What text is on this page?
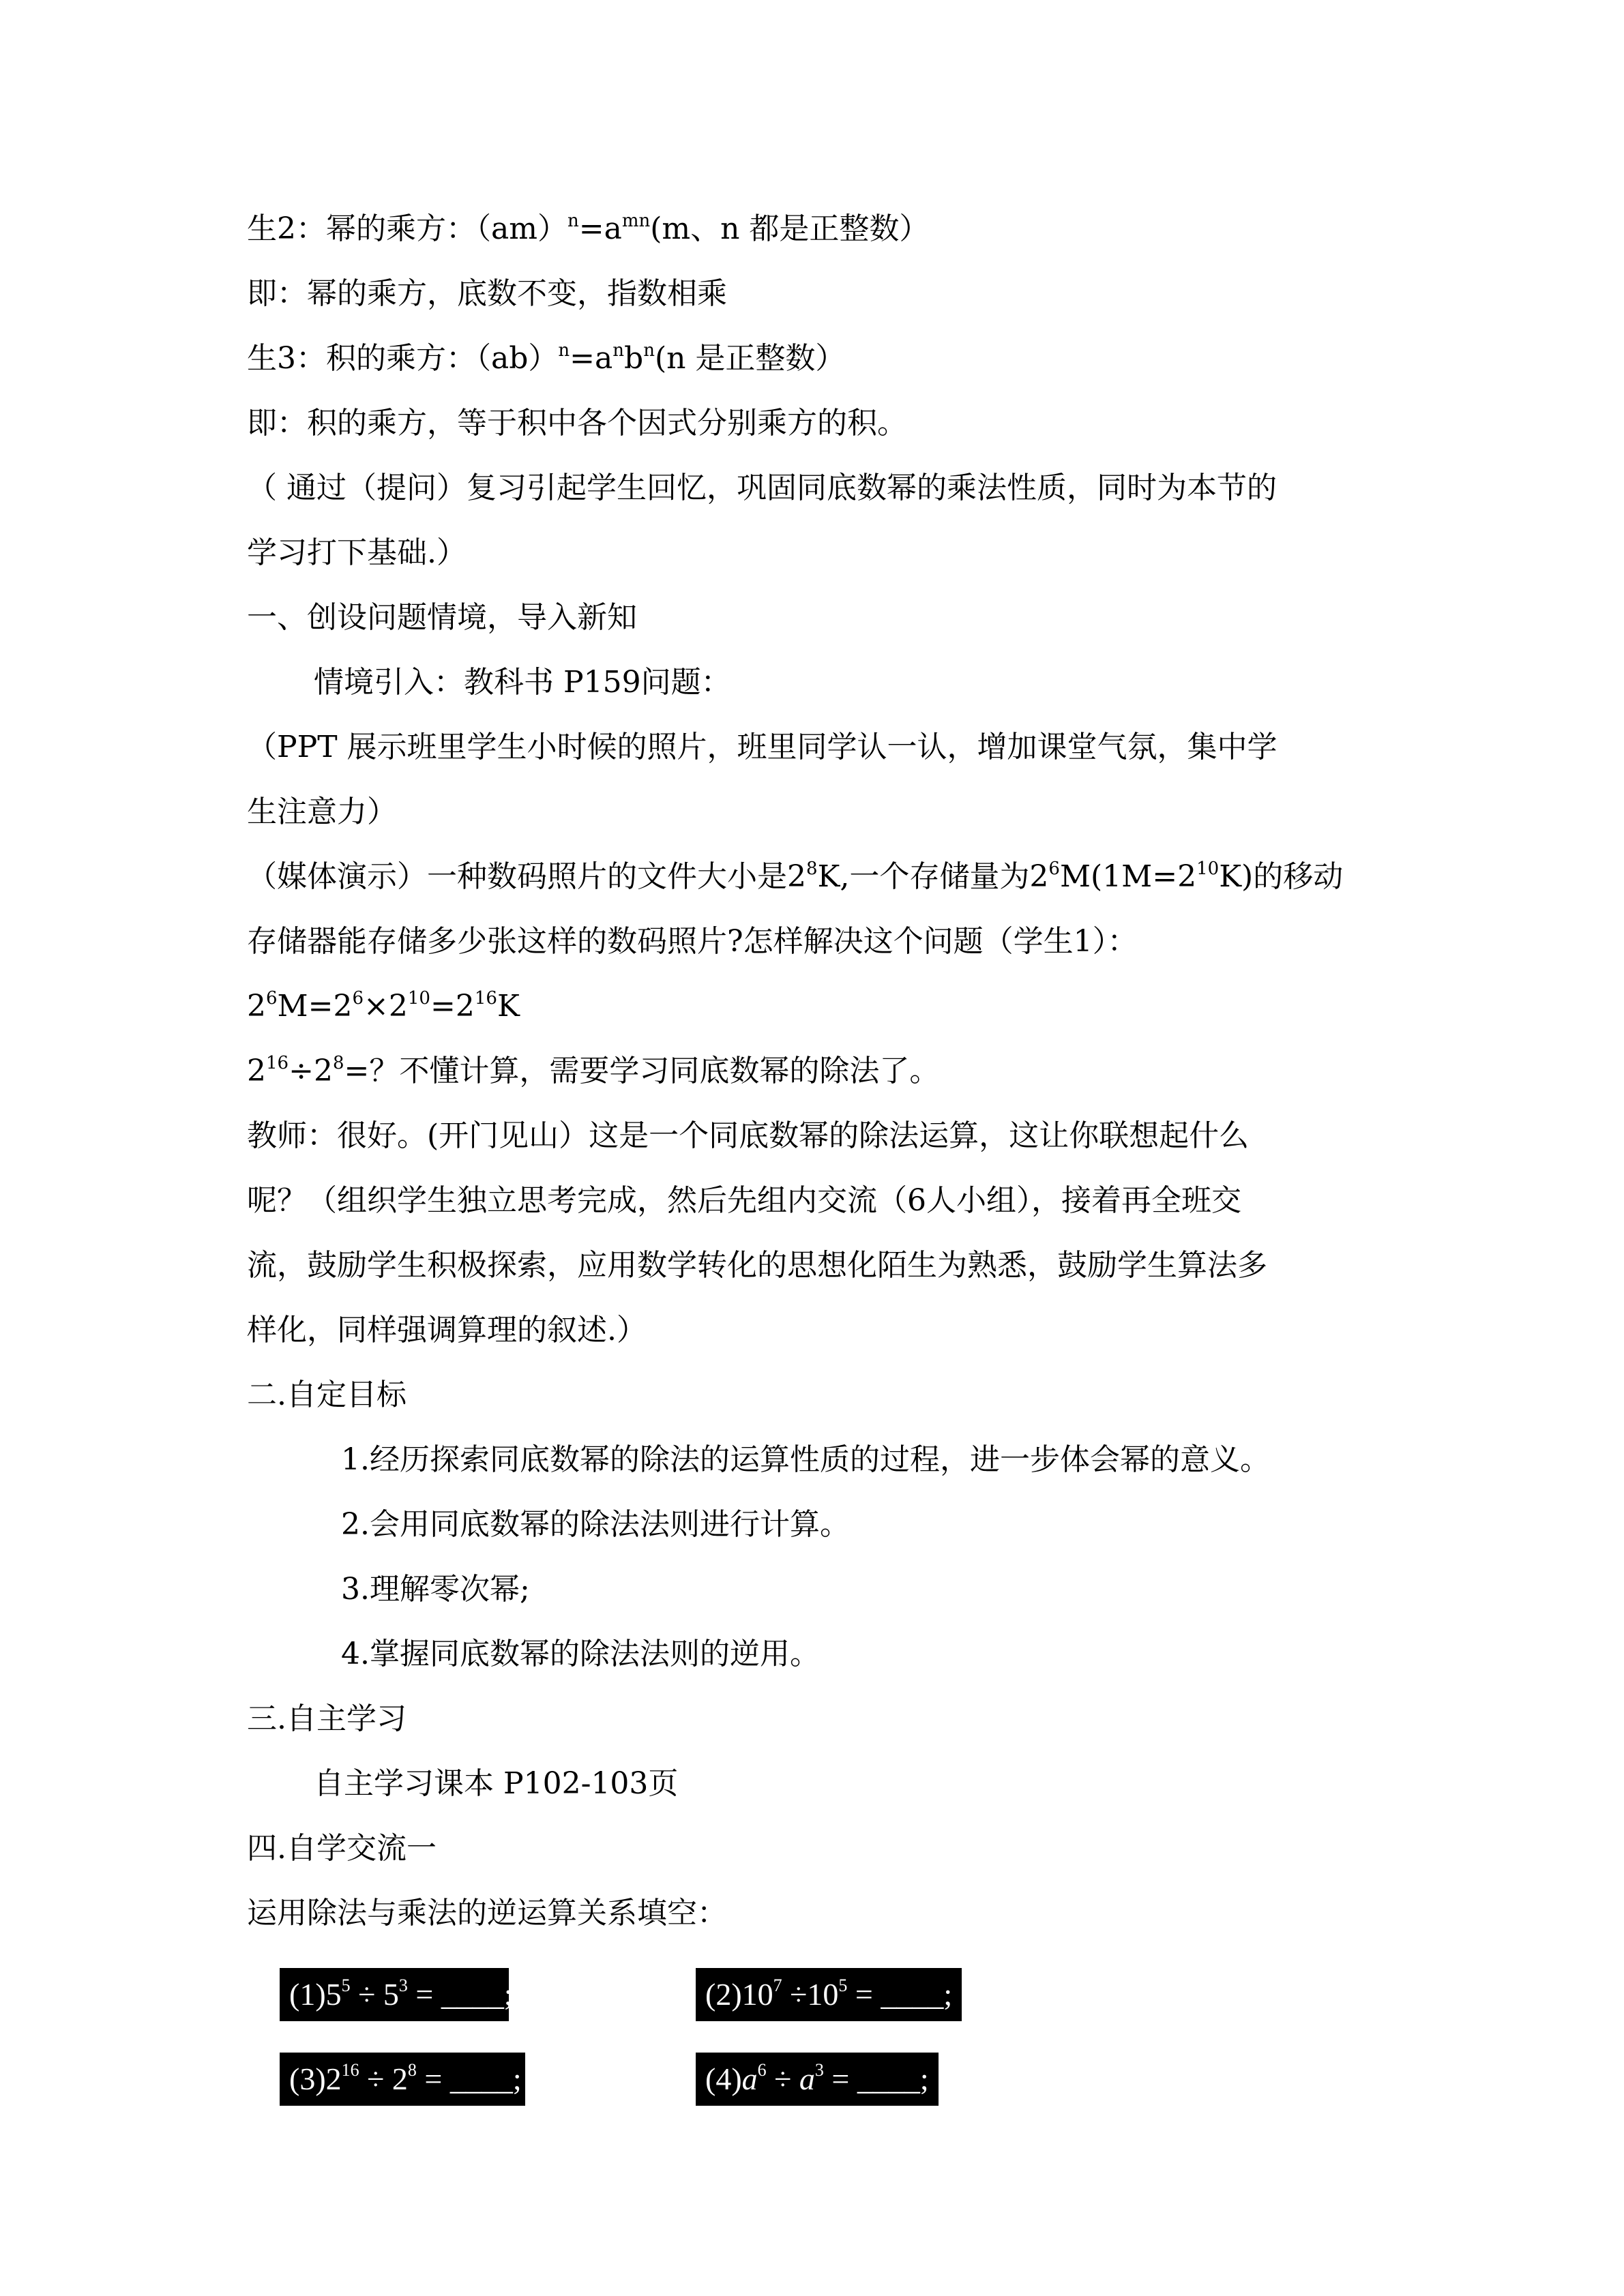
生2：幂的乘方：$(am)^n=a^{mn}(m$、n 都是正整数）
即：幂的乘方，底数不变，指数相乘
生3：积的乘方：$(ab)^n=a^nb^n(n$ 是正整数）
即：积的乘方，等于积中各个因式分别乘方的积。
（ 通过（提问）复习引起学生回忆，巩固同底数幂的乘法性质，同时为本节的
学习打下基础.）
一、创设问题情境，导入新知
情境引入：教科书 P159问题：
（PPT 展示班里学生小时候的照片，班里同学认一认，增加课堂气氛，集中学
生注意力）
（媒体演示）一种数码照片的文件大小是$2^8K$,一个存储量为$2^6M(1M=2^{10}K)$的移动
存储器能存储多少张这样的数码照片?怎样解决这个问题（学生1）：
$2^6M=2^6\times 2^{10}=2^{16}K$
$2^{16}\div 2^8=$？不懂计算，需要学习同底数幂的除法了。
教师：很好。(开门见山）这是一个同底数幂的除法运算，这让你联想起什么
呢？（组织学生独立思考完成，然后先组内交流（6人小组），接着再全班交
流，鼓励学生积极探索，应用数学转化的思想化陌生为熟悉，鼓励学生算法多
样化，同样强调算理的叙述.）
二.自定目标
1.经历探索同底数幂的除法的运算性质的过程，进一步体会幂的意义。
2.会用同底数幂的除法法则进行计算。
3.理解零次幂;
4.掌握同底数幂的除法法则的逆用。
三.自主学习
自主学习课本 P102-103页
四.自学交流一
运用除法与乘法的逆运算关系填空：
$(1)5^5 \div 5^3$ = ____;	$(2)10^7 \div 10^5$ = ____;
$(3)2^{16} \div 2^8$ = ____;	$(4)a^6 \div a^3$ = ____;
